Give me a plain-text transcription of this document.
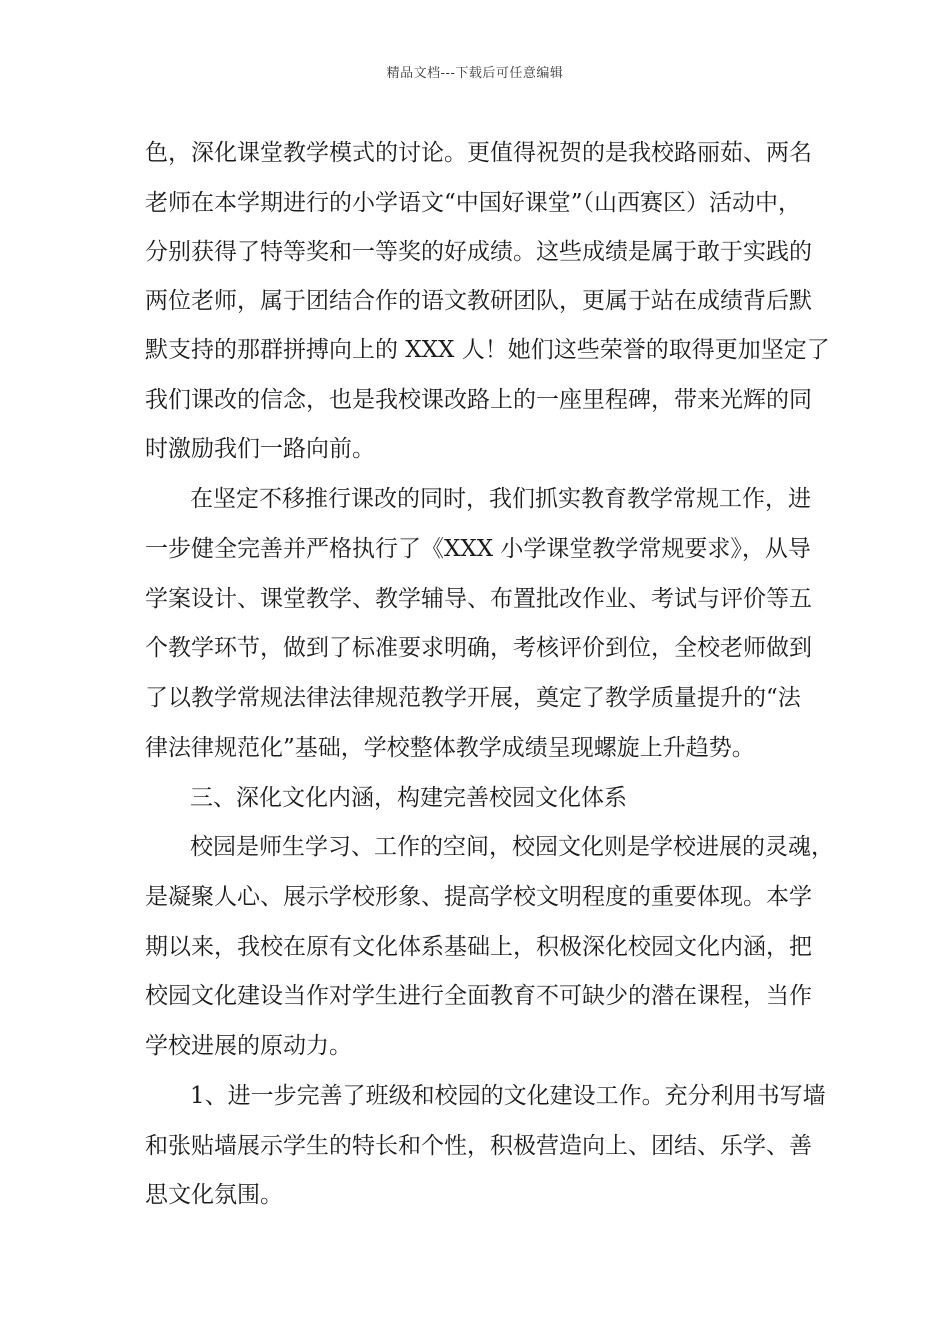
精品文档---下载后可任意编辑
色，深化课堂教学模式的讨论。更值得祝贺的是我校路丽茹、两名
老师在本学期进行的小学语文“中国好课堂”（山西赛区）活动中，
分别获得了特等奖和一等奖的好成绩。这些成绩是属于敢于实践的
两位老师，属于团结合作的语文教研团队，更属于站在成绩背后默
默支持的那群拼搏向上的 XXX 人！她们这些荣誉的取得更加坚定了
我们课改的信念，也是我校课改路上的一座里程碑，带来光辉的同
时激励我们一路向前。
在坚定不移推行课改的同时，我们抓实教育教学常规工作，进
一步健全完善并严格执行了《XXX 小学课堂教学常规要求》，从导
学案设计、课堂教学、教学辅导、布置批改作业、考试与评价等五
个教学环节，做到了标准要求明确，考核评价到位，全校老师做到
了以教学常规法律法律规范教学开展，奠定了教学质量提升的“法
律法律规范化”基础，学校整体教学成绩呈现螺旋上升趋势。
三、深化文化内涵，构建完善校园文化体系
校园是师生学习、工作的空间，校园文化则是学校进展的灵魂，
是凝聚人心、展示学校形象、提高学校文明程度的重要体现。本学
期以来，我校在原有文化体系基础上，积极深化校园文化内涵，把
校园文化建设当作对学生进行全面教育不可缺少的潜在课程，当作
学校进展的原动力。
1、进一步完善了班级和校园的文化建设工作。充分利用书写墙
和张贴墙展示学生的特长和个性，积极营造向上、团结、乐学、善
思文化氛围。
